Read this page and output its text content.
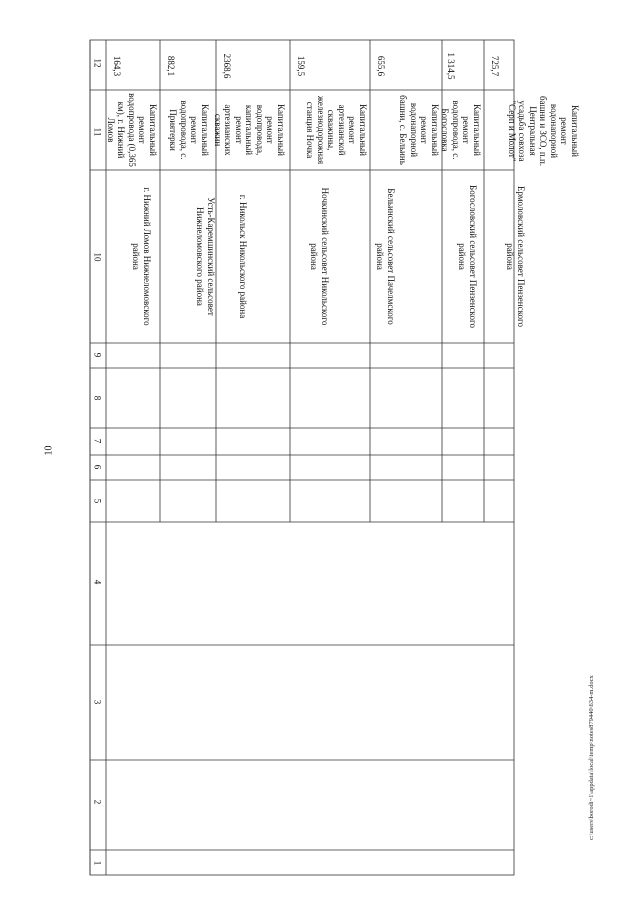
10
12
11
10
9
8
7
6
5
4
3
2
1
164,3
Капитальный ремонт водопровода (0,365 км), г. Нижний Ломов
г. Нижний Ломов Нижнеломовского района
882,1
Капитальный ремонт водопровода, с. Приятерки
Усть-Каремшинский сельсовет Нижнеломовского района
2368,6
Капитальный ремонт водопровода, капитальный ремонт артезианских скважин
г. Никольск Никольского района
159,5
Капитальный ремонт артезианской скважины, железнодорожная станция Ночка
Ночкинский сельсовет Никольского района
655,6
Капитальный ремонт водонапорной башни, с. Бельинь
Бельинский сельсовет Пачелмского района
1 314,5
Капитальный ремонт водопровода, с. Богословка
Богословский сельсовет Пензенского района
725,7
Капитальный ремонт водонапорной башни и ЗСО, п.п. Центральная усадьба совхоза "Серп и Молот"
Ермоловский сельсовет Пензенского района
c:\users\borodi~1\appdata\local\temp\notes879440\634-m.docx
